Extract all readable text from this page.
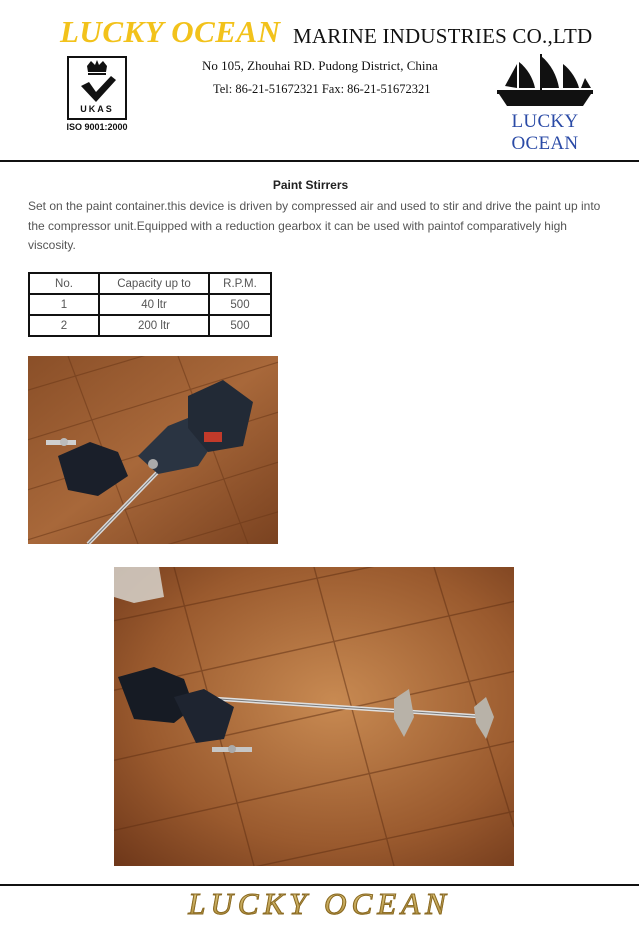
LUCKY OCEAN MARINE INDUSTRIES CO.,LTD
UKAS
ISO 9001:2000
No 105, Zhouhai RD. Pudong District, China
Tel: 86-21-51672321 Fax: 86-21-51672321
LUCKY OCEAN
Paint Stirrers
Set on the paint container.this device is driven by compressed air and used to stir and drive the paint up into the compressor unit.Equipped with a reduction gearbox it can be used with paintof comparatively high viscosity.
No.	Capacity up to	R.P.M.
1	40 ltr	500
2	200 ltr	500
LUCKY OCEAN
